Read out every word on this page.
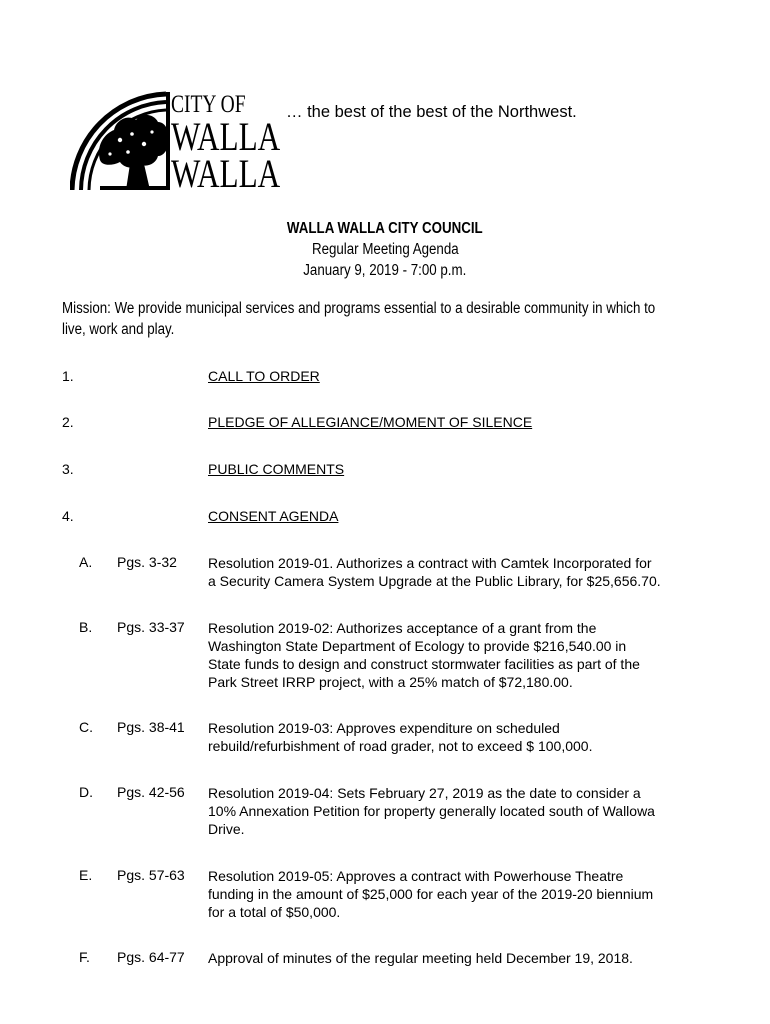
CITY OF
WALLA
WALLA
… the best of the best of the Northwest.
WALLA WALLA CITY COUNCIL
Regular Meeting Agenda
January 9, 2019 - 7:00 p.m.
Mission: We provide municipal services and programs essential to a desirable community in which to
live, work and play.
1.	CALL TO ORDER
2.	PLEDGE OF ALLEGIANCE/MOMENT OF SILENCE
3.	PUBLIC COMMENTS
4.	CONSENT AGENDA
A. Pgs. 3-32 Resolution 2019-01. Authorizes a contract with Camtek Incorporated for
a Security Camera System Upgrade at the Public Library, for $25,656.70.
B. Pgs. 33-37 Resolution 2019-02: Authorizes acceptance of a grant from the
Washington State Department of Ecology to provide $216,540.00 in
State funds to design and construct stormwater facilities as part of the
Park Street IRRP project, with a 25% match of $72,180.00.
C. Pgs. 38-41 Resolution 2019-03: Approves expenditure on scheduled
rebuild/refurbishment of road grader, not to exceed $ 100,000.
D. Pgs. 42-56 Resolution 2019-04: Sets February 27, 2019 as the date to consider a
10% Annexation Petition for property generally located south of Wallowa
Drive.
E. Pgs. 57-63 Resolution 2019-05: Approves a contract with Powerhouse Theatre
funding in the amount of $25,000 for each year of the 2019-20 biennium
for a total of $50,000.
F. Pgs. 64-77 Approval of minutes of the regular meeting held December 19, 2018.
